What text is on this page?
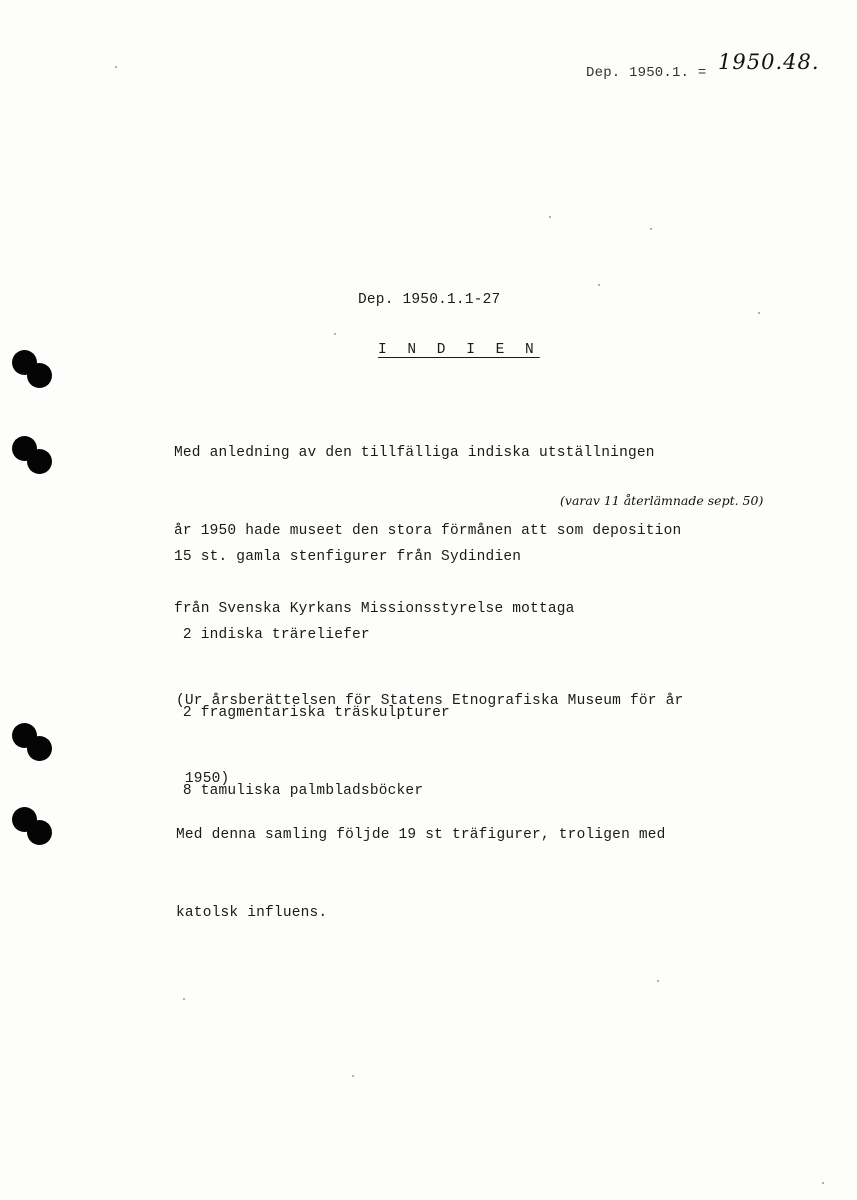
Dep. 1950.1. = 1950.48.
Dep. 1950.1.1-27
I N D I E N

Med anledning av den tillfälliga indiska utställningen

år 1950 hade museet den stora förmånen att som deposition

från Svenska Kyrkans Missionsstyrelse mottaga

15 st. gamla stenfigurer från Sydindien

2 indiska träreliefer

2 fragmentariska träskulpturer

8 tamuliska palmbladsböcker

(varav 11 återlämnade sept. 50)

(Ur årsberättelsen för Statens Etnografiska Museum för år

1950)

Med denna samling följde 19 st träfigurer, troligen med

katolsk influens.
